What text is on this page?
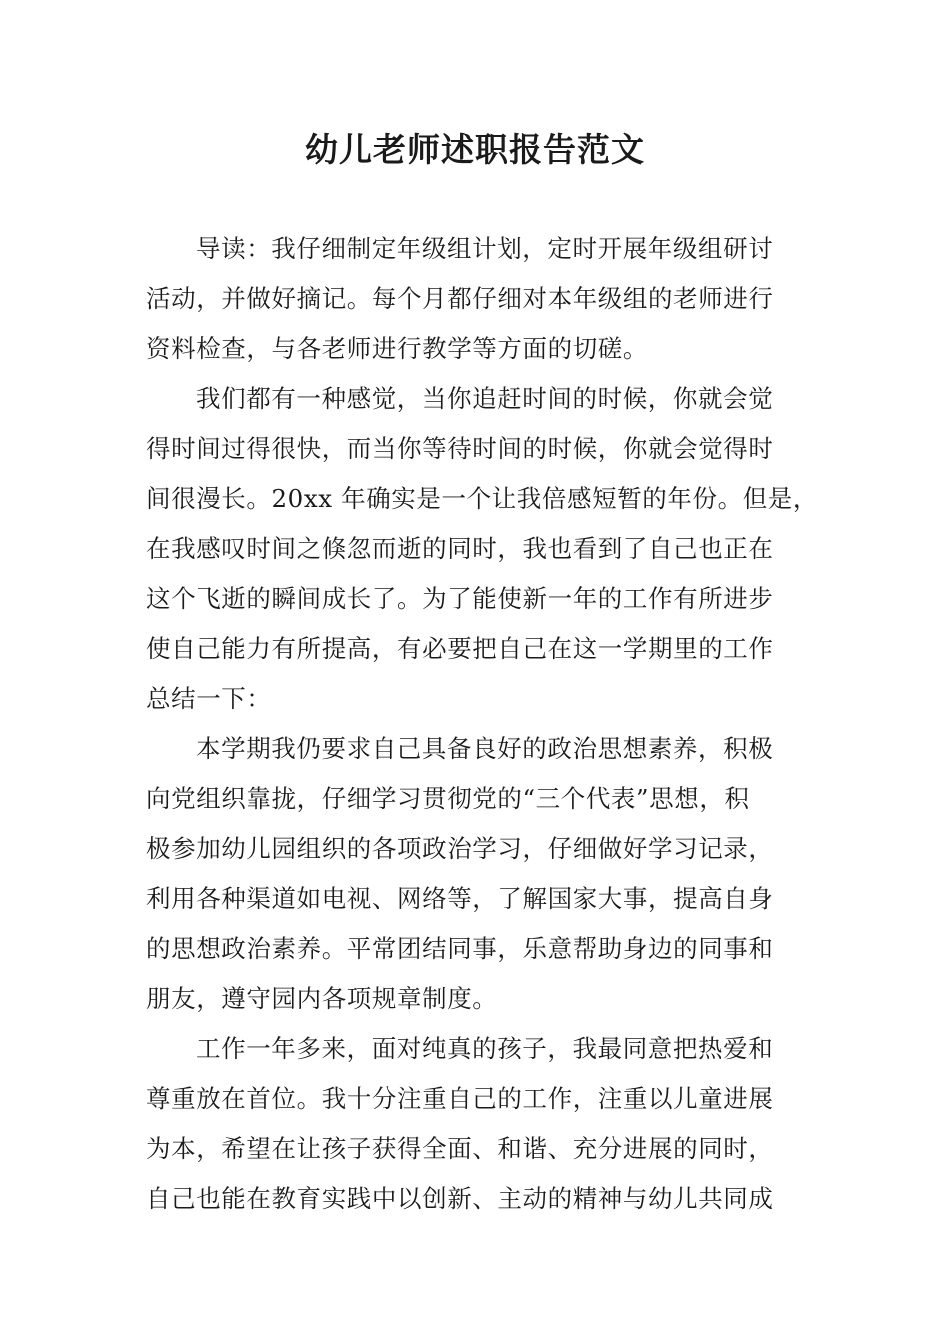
幼儿老师述职报告范文
导读：我仔细制定年级组计划，定时开展年级组研讨
活动，并做好摘记。每个月都仔细对本年级组的老师进行
资料检查，与各老师进行教学等方面的切磋。
我们都有一种感觉，当你追赶时间的时候，你就会觉
得时间过得很快，而当你等待时间的时候，你就会觉得时
间很漫长。20xx 年确实是一个让我倍感短暂的年份。但是，
在我感叹时间之倏忽而逝的同时，我也看到了自己也正在
这个飞逝的瞬间成长了。为了能使新一年的工作有所进步
使自己能力有所提高，有必要把自己在这一学期里的工作
总结一下：
本学期我仍要求自己具备良好的政治思想素养，积极
向党组织靠拢，仔细学习贯彻党的“三个代表”思想，积
极参加幼儿园组织的各项政治学习，仔细做好学习记录，
利用各种渠道如电视、网络等，了解国家大事，提高自身
的思想政治素养。平常团结同事，乐意帮助身边的同事和
朋友，遵守园内各项规章制度。
工作一年多来，面对纯真的孩子，我最同意把热爱和
尊重放在首位。我十分注重自己的工作，注重以儿童进展
为本，希望在让孩子获得全面、和谐、充分进展的同时，
自己也能在教育实践中以创新、主动的精神与幼儿共同成
